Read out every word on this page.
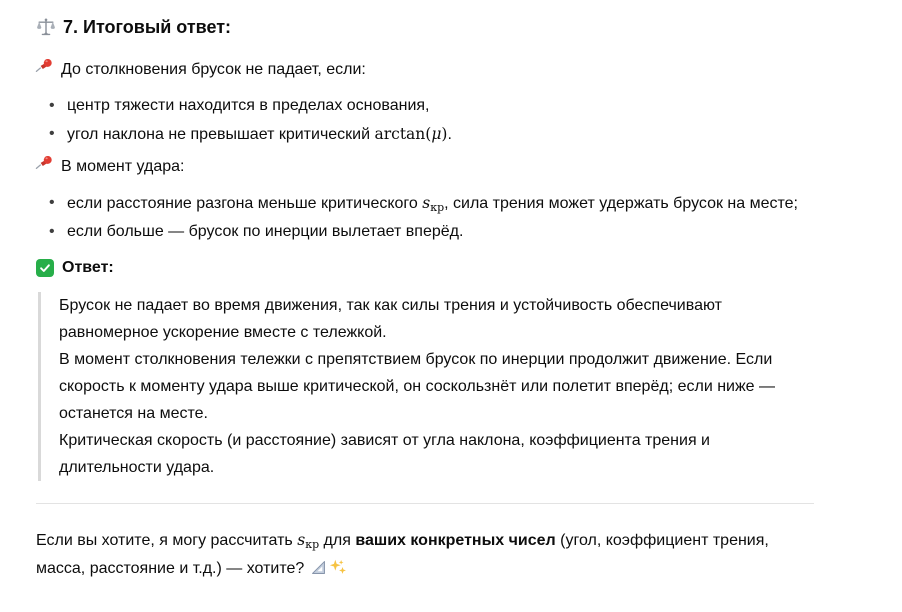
7. Итоговый ответ:

До столкновения брусок не падает, если:

• центр тяжести находится в пределах основания,
• угол наклона не превышает критический arctan(μ).

В момент удара:

• если расстояние разгона меньше критического $s_{кр}$, сила трения может удержать брусок на месте;
• если больше — брусок по инерции вылетает вперёд.

Ответ:

Брусок не падает во время движения, так как силы трения и устойчивость обеспечивают равномерное ускорение вместе с тележкой.

В момент столкновения тележки с препятствием брусок по инерции продолжит движение. Если скорость к моменту удара выше критической, он соскользнёт или полетит вперёд; если ниже — останется на месте.

Критическая скорость (и расстояние) зависят от угла наклона, коэффициента трения и длительности удара.

Если вы хотите, я могу рассчитать $s_{кр}$ для ваших конкретных чисел (угол, коэффициент трения, масса, расстояние и т.д.) — хотите?
